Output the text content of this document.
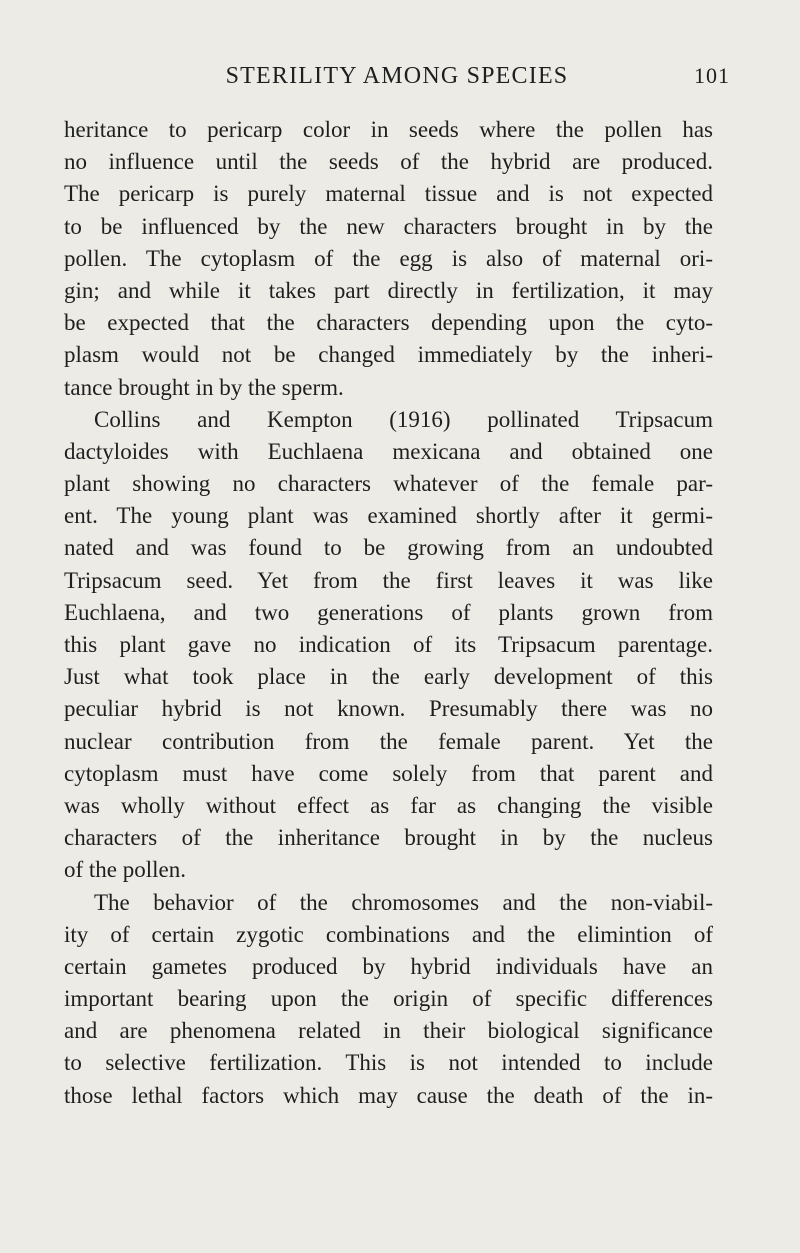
STERILITY AMONG SPECIES	101
heritance to pericarp color in seeds where the pollen has
no influence until the seeds of the hybrid are produced.
The pericarp is purely maternal tissue and is not expected
to be influenced by the new characters brought in by the
pollen. The cytoplasm of the egg is also of maternal ori-
gin; and while it takes part directly in fertilization, it may
be expected that the characters depending upon the cyto-
plasm would not be changed immediately by the inheri-
tance brought in by the sperm.
Collins and Kempton (1916) pollinated Tripsacum
dactyloides with Euchlaena mexicana and obtained one
plant showing no characters whatever of the female par-
ent. The young plant was examined shortly after it germi-
nated and was found to be growing from an undoubted
Tripsacum seed. Yet from the first leaves it was like
Euchlaena, and two generations of plants grown from
this plant gave no indication of its Tripsacum parentage.
Just what took place in the early development of this
peculiar hybrid is not known. Presumably there was no
nuclear contribution from the female parent. Yet the
cytoplasm must have come solely from that parent and
was wholly without effect as far as changing the visible
characters of the inheritance brought in by the nucleus
of the pollen.
The behavior of the chromosomes and the non-viabil-
ity of certain zygotic combinations and the elimintion of
certain gametes produced by hybrid individuals have an
important bearing upon the origin of specific differences
and are phenomena related in their biological significance
to selective fertilization. This is not intended to include
those lethal factors which may cause the death of the in-
